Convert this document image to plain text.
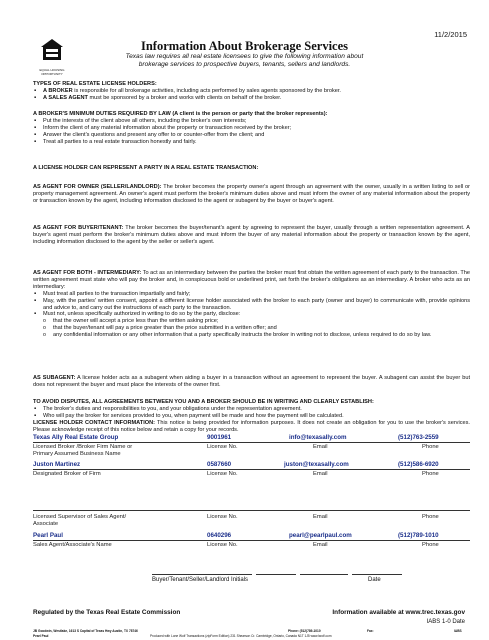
11/2/2015
EQUAL HOUSING OPPORTUNITY
Information About Brokerage Services
Texas law requires all real estate licensees to give the following information about
brokerage services to prospective buyers, tenants, sellers and landlords.
TYPES OF REAL ESTATE LICENSE HOLDERS:
▪ A BROKER is responsible for all brokerage activities, including acts performed by sales agents sponsored by the broker.
▪ A SALES AGENT must be sponsored by a broker and works with clients on behalf of the broker.
A BROKER'S MINIMUM DUTIES REQUIRED BY LAW (A client is the person or party that the broker represents):
▪ Put the interests of the client above all others, including the broker's own interests;
▪ Inform the client of any material information about the property or transaction received by the broker;
▪ Answer the client's questions and present any offer to or counter-offer from the client; and
▪ Treat all parties to a real estate transaction honestly and fairly.
A LICENSE HOLDER CAN REPRESENT A PARTY IN A REAL ESTATE TRANSACTION:
AS AGENT FOR OWNER (SELLER/LANDLORD): The broker becomes the property owner's agent through an agreement with the owner, usually in a written listing to sell or property management agreement. An owner's agent must perform the broker's minimum duties above and must inform the owner of any material information about the property or transaction known by the agent, including information disclosed to the agent or subagent by the buyer or buyer's agent.
AS AGENT FOR BUYER/TENANT: The broker becomes the buyer/tenant's agent by agreeing to represent the buyer, usually through a written representation agreement. A buyer's agent must perform the broker's minimum duties above and must inform the buyer of any material information about the property or transaction known by the agent, including information disclosed to the agent by the seller or seller's agent.
AS AGENT FOR BOTH - INTERMEDIARY: To act as an intermediary between the parties the broker must first obtain the written agreement of each party to the transaction. The written agreement must state who will pay the broker and, in conspicuous bold or underlined print, set forth the broker's obligations as an intermediary. A broker who acts as an intermediary:
▪ Must treat all parties to the transaction impartially and fairly;
▪ May, with the parties' written consent, appoint a different license holder associated with the broker to each party (owner and buyer) to communicate with, provide opinions and advice to, and carry out the instructions of each party to the transaction.
▪ Must not, unless specifically authorized in writing to do so by the party, disclose:
o that the owner will accept a price less than the written asking price;
o that the buyer/tenant will pay a price greater than the price submitted in a written offer; and
o any confidential information or any other information that a party specifically instructs the broker in writing not to disclose, unless required to do so by law.
AS SUBAGENT: A license holder acts as a subagent when aiding a buyer in a transaction without an agreement to represent the buyer. A subagent can assist the buyer but does not represent the buyer and must place the interests of the owner first.
TO AVOID DISPUTES, ALL AGREEMENTS BETWEEN YOU AND A BROKER SHOULD BE IN WRITING AND CLEARLY ESTABLISH:
▪ The broker's duties and responsibilities to you, and your obligations under the representation agreement.
▪ Who will pay the broker for services provided to you, when payment will be made and how the payment will be calculated.
LICENSE HOLDER CONTACT INFORMATION: This notice is being provided for information purposes. It does not create an obligation for you to use the broker's services. Please acknowledge receipt of this notice below and retain a copy for your records.
Texas Ally Real Estate Group	9001961	info@texasally.com	(512)763-2559
Licensed Broker /Broker Firm Name or
Primary Assumed Business Name
License No.	Email	Phone
Juston Martinez	0587660	juston@texasally.com	(512)586-6920
Designated Broker of Firm	License No.	Email	Phone
Licensed Supervisor of Sales Agent/
Associate
License No.	Email	Phone
Pearl Paul	0640296	pearl@pearlpaul.com	(512)789-1010
Sales Agent/Associate's Name	License No.	Email	Phone
Buyer/Tenant/Seller/Landlord Initials	Date
Regulated by the Texas Real Estate Commission	Information available at www.trec.texas.gov
IABS 1-0 Date
JB Goodwin, Westlake, 1613 S Capital of Texas Hwy Austin, TX 78746	Phone: (512)789-1010	Fax:	IABS
Pearl Paul	Produced with Lone Wolf Transactions (zipForm Edition) 231 Shearson Cr. Cambridge, Ontario, Canada N1T 1J5 www.lwolf.com
